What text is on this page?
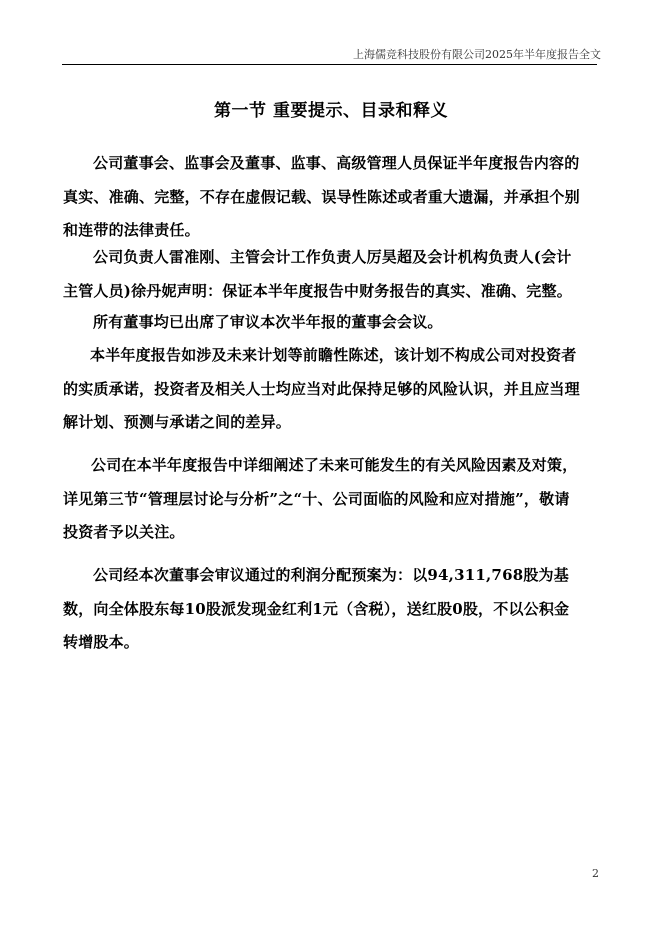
上海儒竞科技股份有限公司2025年半年度报告全文
第一节 重要提示、目录和释义

公司董事会、监事会及董事、监事、高级管理人员保证半年度报告内容的真实、准确、完整，不存在虚假记载、误导性陈述或者重大遗漏，并承担个别和连带的法律责任。

公司负责人雷准刚、主管会计工作负责人厉昊超及会计机构负责人(会计主管人员)徐丹妮声明：保证本半年度报告中财务报告的真实、准确、完整。

所有董事均已出席了审议本次半年报的董事会会议。

本半年度报告如涉及未来计划等前瞻性陈述，该计划不构成公司对投资者的实质承诺，投资者及相关人士均应当对此保持足够的风险认识，并且应当理解计划、预测与承诺之间的差异。

公司在本半年度报告中详细阐述了未来可能发生的有关风险因素及对策，详见第三节“管理层讨论与分析”之“十、公司面临的风险和应对措施”，敬请投资者予以关注。

公司经本次董事会审议通过的利润分配预案为：以94,311,768股为基数，向全体股东每10股派发现金红利1元（含税），送红股0股，不以公积金转增股本。

2
